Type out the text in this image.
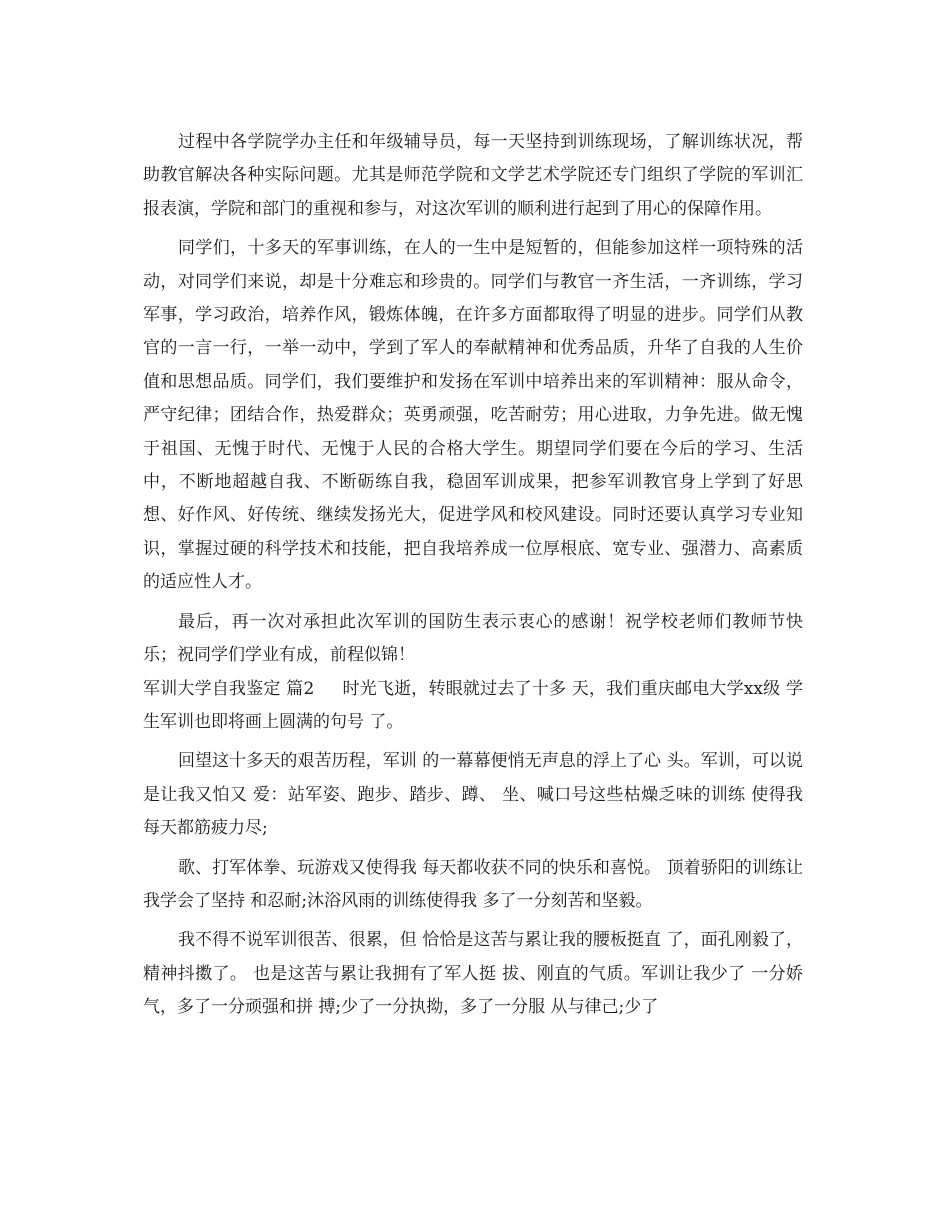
过程中各学院学办主任和年级辅导员，每一天坚持到训练现场，了解训练状况，帮助教官解决各种实际问题。尤其是师范学院和文学艺术学院还专门组织了学院的军训汇报表演，学院和部门的重视和参与，对这次军训的顺利进行起到了用心的保障作用。

同学们，十多天的军事训练，在人的一生中是短暂的，但能参加这样一项特殊的活动，对同学们来说，却是十分难忘和珍贵的。同学们与教官一齐生活，一齐训练，学习军事，学习政治，培养作风，锻炼体魄，在许多方面都取得了明显的进步。同学们从教官的一言一行，一举一动中，学到了军人的奉献精神和优秀品质，升华了自我的人生价值和思想品质。同学们，我们要维护和发扬在军训中培养出来的军训精神：服从命令，严守纪律；团结合作，热爱群众；英勇顽强，吃苦耐劳；用心进取，力争先进。做无愧于祖国、无愧于时代、无愧于人民的合格大学生。期望同学们要在今后的学习、生活中，不断地超越自我、不断砺练自我，稳固军训成果，把参军训教官身上学到了好思想、好作风、好传统、继续发扬光大，促进学风和校风建设。同时还要认真学习专业知识，掌握过硬的科学技术和技能，把自我培养成一位厚根底、宽专业、强潜力、高素质的适应性人才。

最后，再一次对承担此次军训的国防生表示衷心的感谢！祝学校老师们教师节快乐；祝同学们学业有成，前程似锦！

军训大学自我鉴定 篇2 时光飞逝，转眼就过去了十多 天，我们重庆邮电大学xx级 学生军训也即将画上圆满的句号 了。

回望这十多天的艰苦历程，军训 的一幕幕便悄无声息的浮上了心 头。军训，可以说是让我又怕又 爱：站军姿、跑步、踏步、蹲、 坐、喊口号这些枯燥乏味的训练 使得我每天都筋疲力尽;

歌、打军体拳、玩游戏又使得我 每天都收获不同的快乐和喜悦。 顶着骄阳的训练让我学会了坚持 和忍耐;沐浴风雨的训练使得我 多了一分刻苦和坚毅。

我不得不说军训很苦、很累，但 恰恰是这苦与累让我的腰板挺直 了，面孔刚毅了，精神抖擞了。 也是这苦与累让我拥有了军人挺 拔、刚直的气质。军训让我少了 一分娇气，多了一分顽强和拼 搏;少了一分执拗，多了一分服 从与律己;少了
